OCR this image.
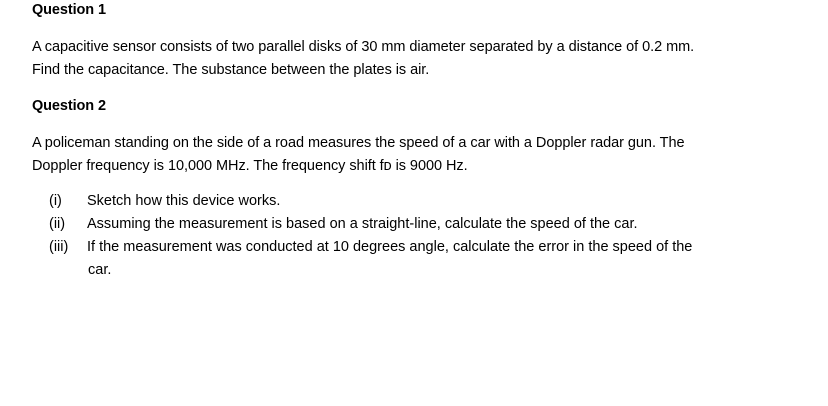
Question 1
A capacitive sensor consists of two parallel disks of 30 mm diameter separated by a distance of 0.2 mm.
Find the capacitance. The substance between the plates is air.
Question 2
A policeman standing on the side of a road measures the speed of a car with a Doppler radar gun. The
Doppler frequency is 10,000 MHz. The frequency shift fᴅ is 9000 Hz.
(i) Sketch how this device works.
(ii) Assuming the measurement is based on a straight-line, calculate the speed of the car.
(iii) If the measurement was conducted at 10 degrees angle, calculate the error in the speed of the
car.
